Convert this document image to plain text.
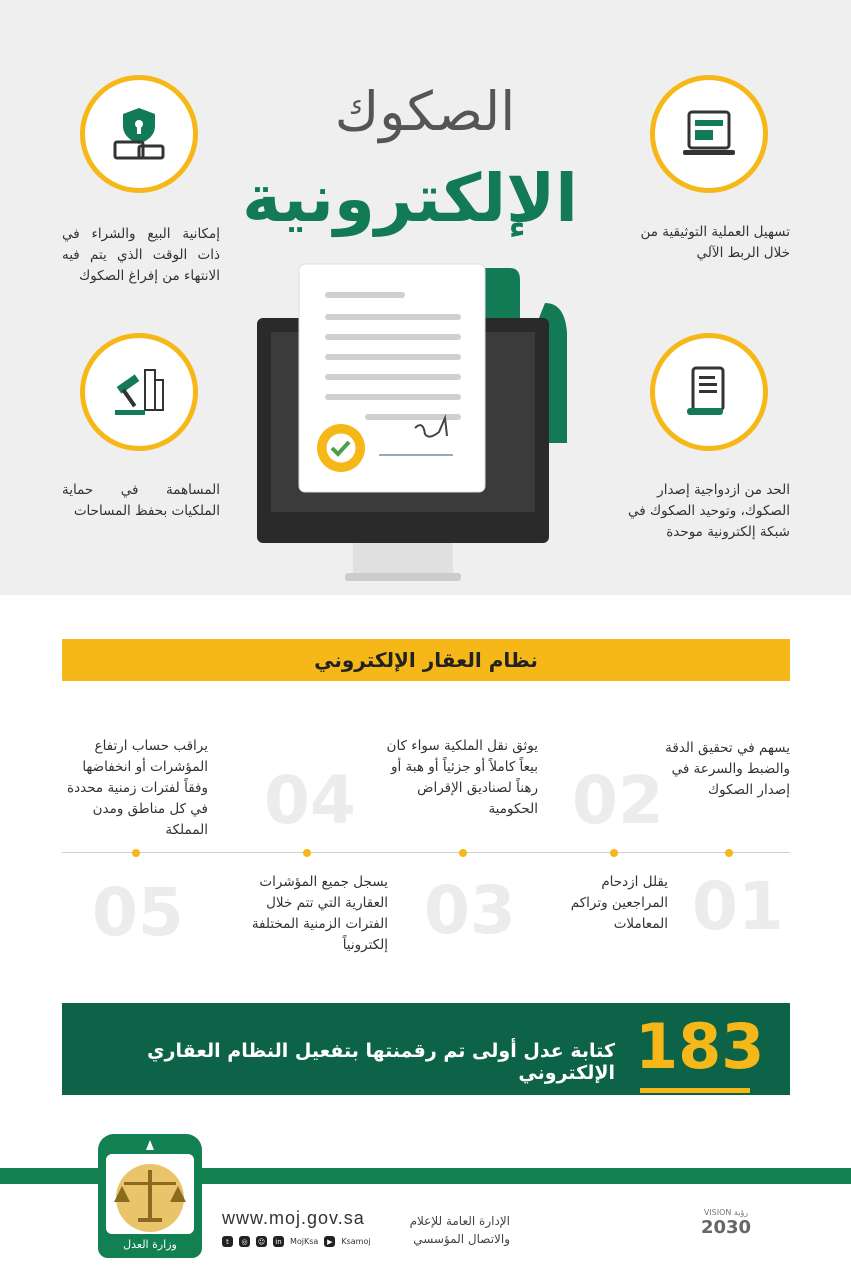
الصكوك
الإلكترونية	تسهيل العملية التوثيقية من خلال الربط الآلي
الحد من ازدواجية إصدار الصكوك، وتوحيد الصكوك في شبكة إلكترونية موحدة
إمكانية البيع والشراء في ذات الوقت الذي يتم فيه الانتهاء من إفراغ الصكوك
المساهمة في حماية الملكيات بحفظ المساحات
نظام العقار الإلكتروني
01
يقلل ازدحام المراجعين وتراكم المعاملات
02
يسهم في تحقيق الدقة والضبط والسرعة في إصدار الصكوك
03
يسجل جميع المؤشرات العقارية التي تتم خلال الفترات الزمنية المختلفة إلكترونياً
04
يوثق نقل الملكية سواء كان بيعاً كاملاً أو جزئياً أو هبة أو رهناً لصناديق الإقراض الحكومية
05
يراقب حساب ارتفاع المؤشرات أو انخفاضها وفقاً لفترات زمنية محددة في كل مناطق ومدن المملكة
183
كتابة عدل أولى تم رقمنتها بتفعيل النظام العقاري الإلكتروني
وزارة العدل
www.moj.gov.sa
t	◎	☺	in MojKsa	▶	Ksamoj
الإدارة العامة للإعلام
والاتصال المؤسسي
VISION رؤية
2030
